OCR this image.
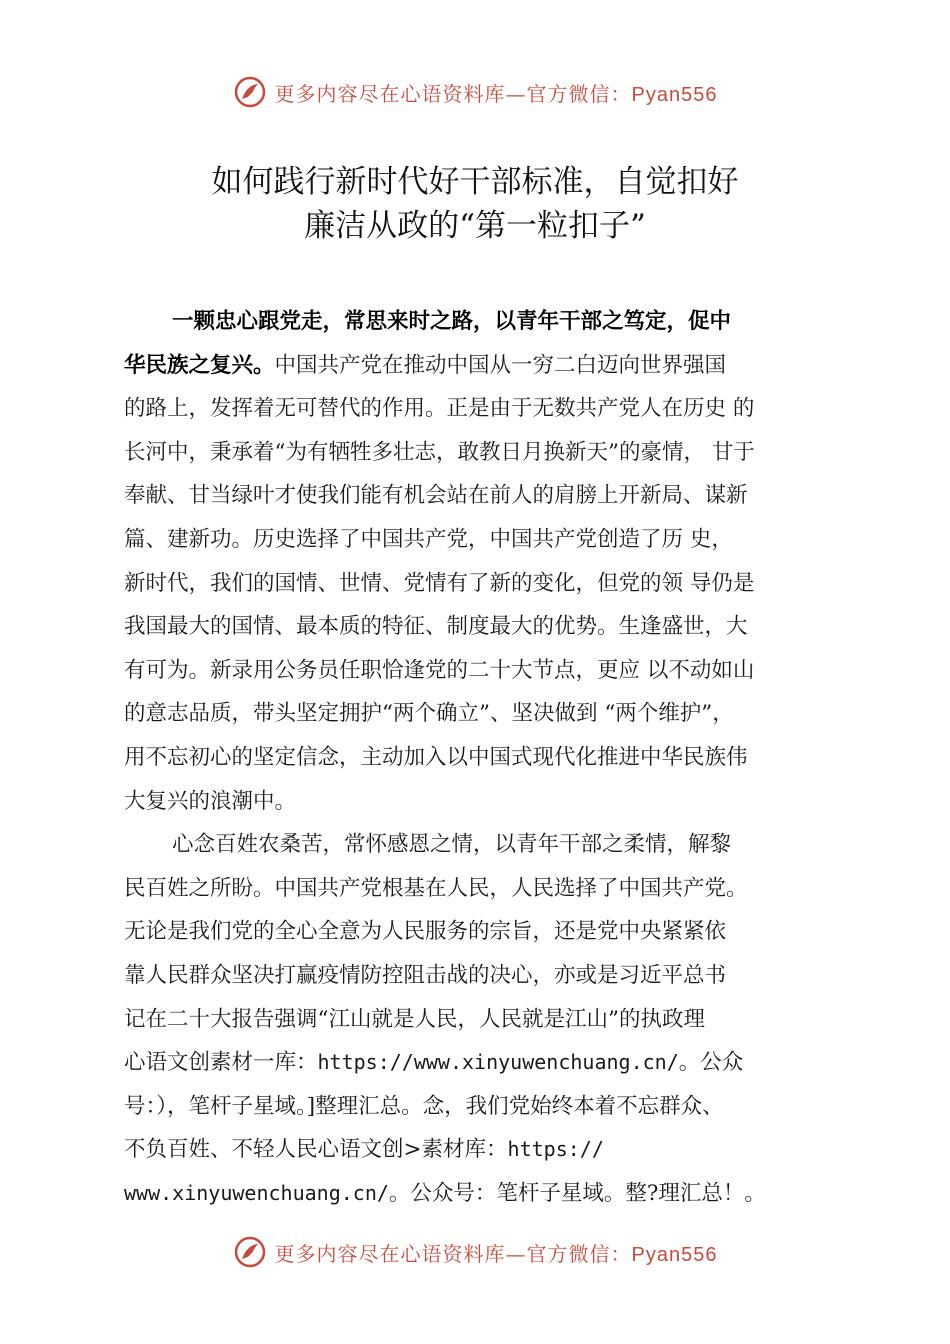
更多内容尽在心语资料库—官方微信：Pyan556
如何践行新时代好干部标准，自觉扣好
廉洁从政的“第一粒扣子”
一颗忠心跟党走，常思来时之路，以青年干部之笃定，促中
华民族之复兴。中国共产党在推动中国从一穷二白迈向世界强国
的路上，发挥着无可替代的作用。正是由于无数共产党人在历史 的
长河中，秉承着“为有牺牲多壮志，敢教日月换新天”的豪情， 甘于
奉献、甘当绿叶才使我们能有机会站在前人的肩膀上开新局、谋新
篇、建新功。历史选择了中国共产党，中国共产党创造了历 史，
新时代，我们的国情、世情、党情有了新的变化，但党的领 导仍是
我国最大的国情、最本质的特征、制度最大的优势。生逢盛世，大
有可为。新录用公务员任职恰逢党的二十大节点，更应 以不动如山
的意志品质，带头坚定拥护“两个确立”、坚决做到 “两个维护”，
用不忘初心的坚定信念，主动加入以中国式现代化推进中华民族伟
大复兴的浪潮中。
心念百姓农桑苦，常怀感恩之情，以青年干部之柔情，解黎
民百姓之所盼。中国共产党根基在人民，人民选择了中国共产党。
无论是我们党的全心全意为人民服务的宗旨，还是党中央紧紧依
靠人民群众坚决打赢疫情防控阻击战的决心，亦或是习近平总书
记在二十大报告强调“江山就是人民，人民就是江山”的执政理
心语文创素材一库：https://www.xinyuwenchuang.cn/。公众
号：），笔杆子星域。]整理汇总。念，我们党始终本着不忘群众、
不负百姓、不轻人民心语文创>素材库：https://
www.xinyuwenchuang.cn/。公众号：笔杆子星域。整?理汇总！。
更多内容尽在心语资料库—官方微信：Pyan556
